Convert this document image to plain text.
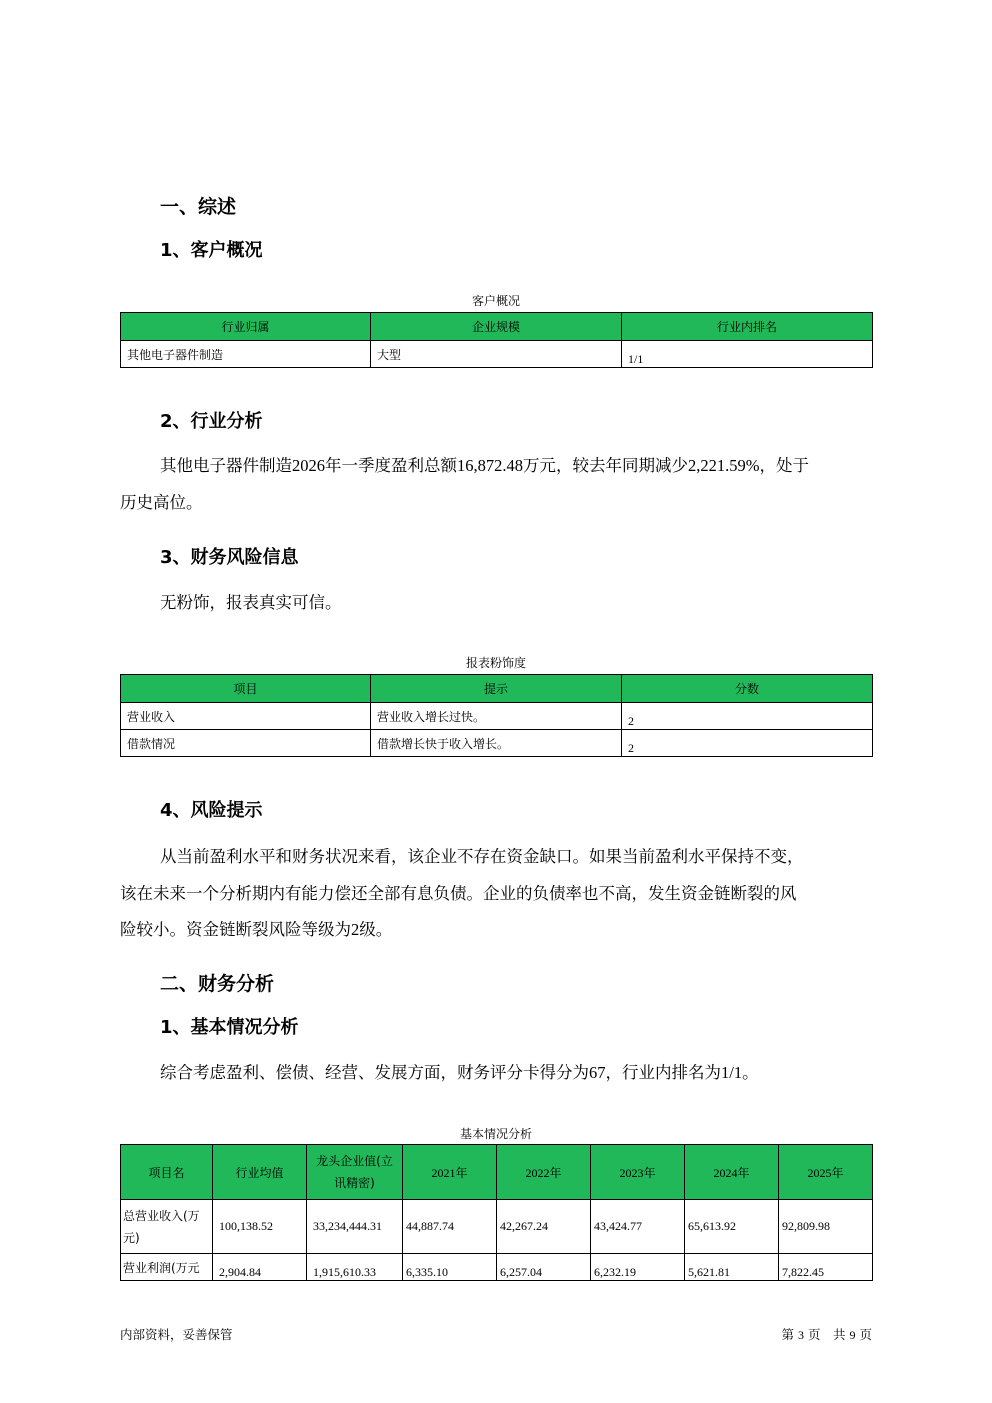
一、综述
1、客户概况
客户概况
行业归属	企业规模	行业内排名
其他电子器件制造	大型	1/1
2、行业分析
其他电子器件制造2026年一季度盈利总额16,872.48万元，较去年同期减少2,221.59%，处于
历史高位。
3、财务风险信息
无粉饰，报表真实可信。
报表粉饰度
项目	提示	分数
营业收入	营业收入增长过快。	2
借款情况	借款增长快于收入增长。	2
4、风险提示
从当前盈利水平和财务状况来看，该企业不存在资金缺口。如果当前盈利水平保持不变，
该在未来一个分析期内有能力偿还全部有息负债。企业的负债率也不高，发生资金链断裂的风
险较小。资金链断裂风险等级为2级。
二、财务分析
1、基本情况分析
综合考虑盈利、偿债、经营、发展方面，财务评分卡得分为67，行业内排名为1/1。
基本情况分析
项目名	行业均值	龙头企业值(立讯精密)	2021年	2022年	2023年	2024年	2025年
总营业收入(万元)	100,138.52	33,234,444.31	44,887.74	42,267.24	43,424.77	65,613.92	92,809.98
营业利润(万元	2,904.84	1,915,610.33	6,335.10	6,257.04	6,232.19	5,621.81	7,822.45
内部资料，妥善保管	第 3 页　共 9 页
